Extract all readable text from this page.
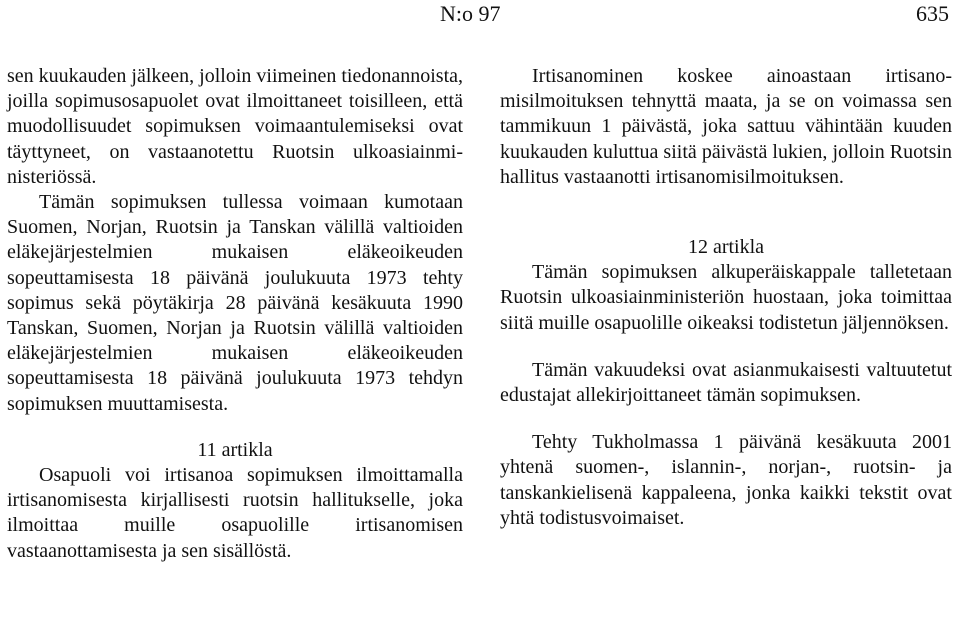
N:o 97	635

sen kuukauden jälkeen, jolloin viimeinen tiedonannoista, joilla sopimusosapuolet ovat ilmoittaneet toisilleen, että muodollisuudet sopimuksen voimaantulemiseksi ovat täyttyneet, on vastaanotettu Ruotsin ulkoasiainministeriössä.

Tämän sopimuksen tullessa voimaan kumotaan Suomen, Norjan, Ruotsin ja Tanskan välillä valtioiden eläkejärjestelmien mukaisen eläkeoikeuden sopeuttamisesta 18 päivänä joulukuuta 1973 tehty sopimus sekä pöytäkirja 28 päivänä kesäkuuta 1990 Tanskan, Suomen, Norjan ja Ruotsin välillä valtioiden eläkejärjestelmien mukaisen eläkeoikeuden sopeuttamisesta 18 päivänä joulukuuta 1973 tehdyn sopimuksen muuttamisesta.

11 artikla

Osapuoli voi irtisanoa sopimuksen ilmoittamalla irtisanomisesta kirjallisesti ruotsin hallitukselle, joka ilmoittaa muille osapuolille irtisanomisen vastaanottamisesta ja sen sisällöstä.

Irtisanominen koskee ainoastaan irtisanomisilmoituksen tehnyttä maata, ja se on voimassa sen tammikuun 1 päivästä, joka sattuu vähintään kuuden kuukauden kuluttua siitä päivästä lukien, jolloin Ruotsin hallitus vastaanotti irtisanomisilmoituksen.

12 artikla

Tämän sopimuksen alkuperäiskappale talletetaan Ruotsin ulkoasiainministeriön huostaan, joka toimittaa siitä muille osapuolille oikeaksi todistetun jäljennöksen.

Tämän vakuudeksi ovat asianmukaisesti valtuutetut edustajat allekirjoittaneet tämän sopimuksen.

Tehty Tukholmassa 1 päivänä kesäkuuta 2001 yhtenä suomen-, islannin-, norjan-, ruotsin- ja tanskankielisenä kappaleena, jonka kaikki tekstit ovat yhtä todistusvoimaiset.
